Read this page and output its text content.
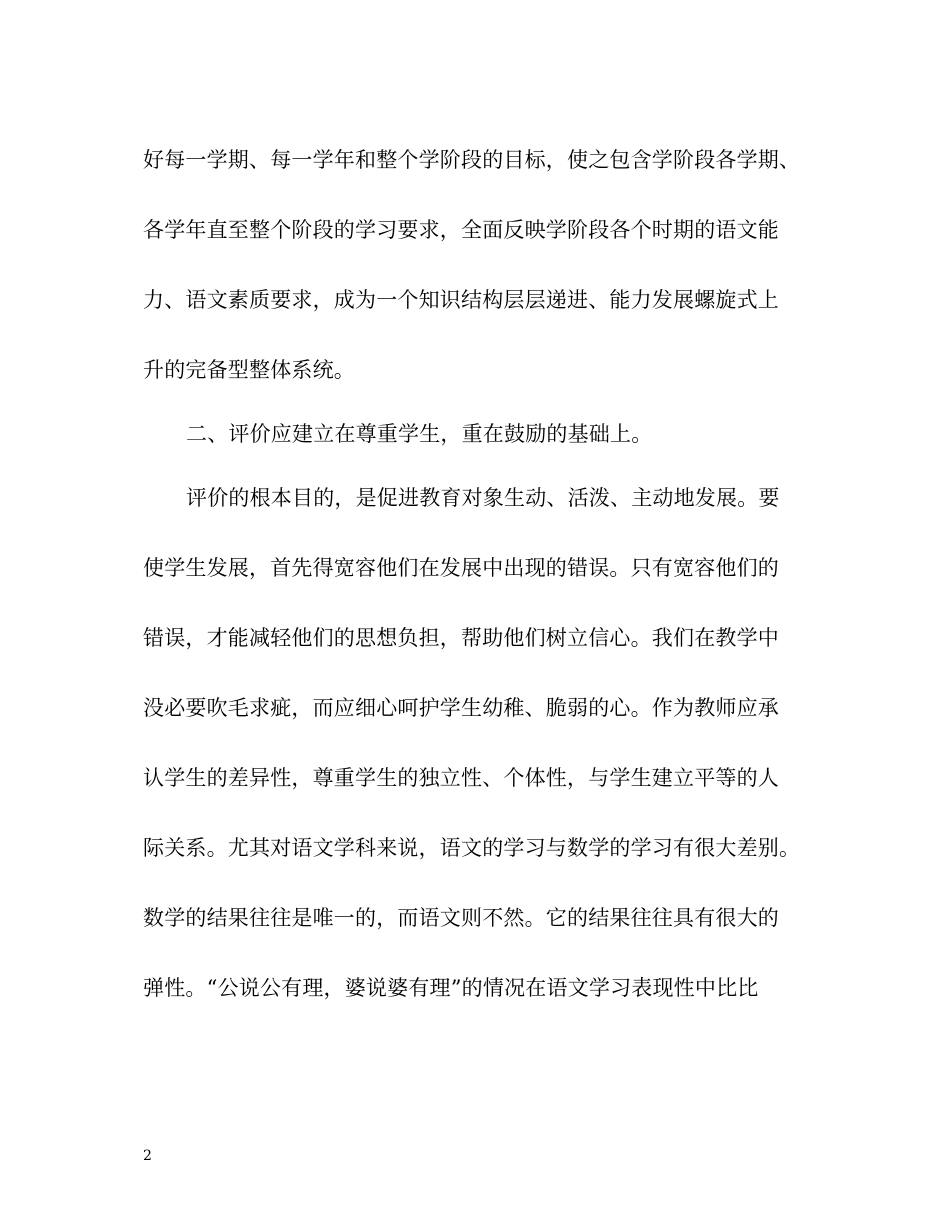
好每一学期、每一学年和整个学阶段的目标，使之包含学阶段各学期、
各学年直至整个阶段的学习要求，全面反映学阶段各个时期的语文能
力、语文素质要求，成为一个知识结构层层递进、能力发展螺旋式上
升的完备型整体系统。
二、评价应建立在尊重学生，重在鼓励的基础上。
评价的根本目的，是促进教育对象生动、活泼、主动地发展。要
使学生发展，首先得宽容他们在发展中出现的错误。只有宽容他们的
错误，才能减轻他们的思想负担，帮助他们树立信心。我们在教学中
没必要吹毛求疵，而应细心呵护学生幼稚、脆弱的心。作为教师应承
认学生的差异性，尊重学生的独立性、个体性，与学生建立平等的人
际关系。尤其对语文学科来说，语文的学习与数学的学习有很大差别。
数学的结果往往是唯一的，而语文则不然。它的结果往往具有很大的
弹性。“公说公有理，婆说婆有理”的情况在语文学习表现性中比比
2
